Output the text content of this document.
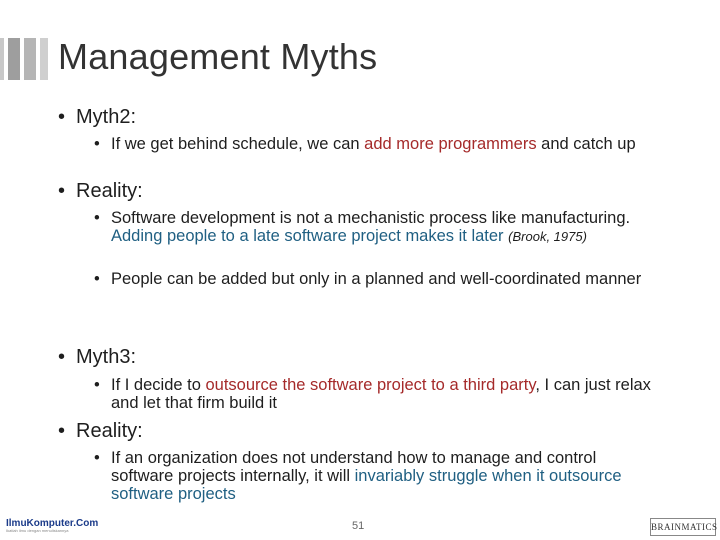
Management Myths
• Myth2:
• If we get behind schedule, we can add more programmers and catch up
• Reality:
• Software development is not a mechanistic process like manufacturing. Adding people to a late software project makes it later (Brook, 1975)
• People can be added but only in a planned and well-coordinated manner
• Myth3:
• If I decide to outsource the software project to a third party, I can just relax and let that firm build it
• Reality:
• If an organization does not understand how to manage and control software projects internally, it will invariably struggle when it outsource software projects
IlmuKomputer.Com
Ikatlah ilmu dengan menuliskannya	51	BRAINMATICS
